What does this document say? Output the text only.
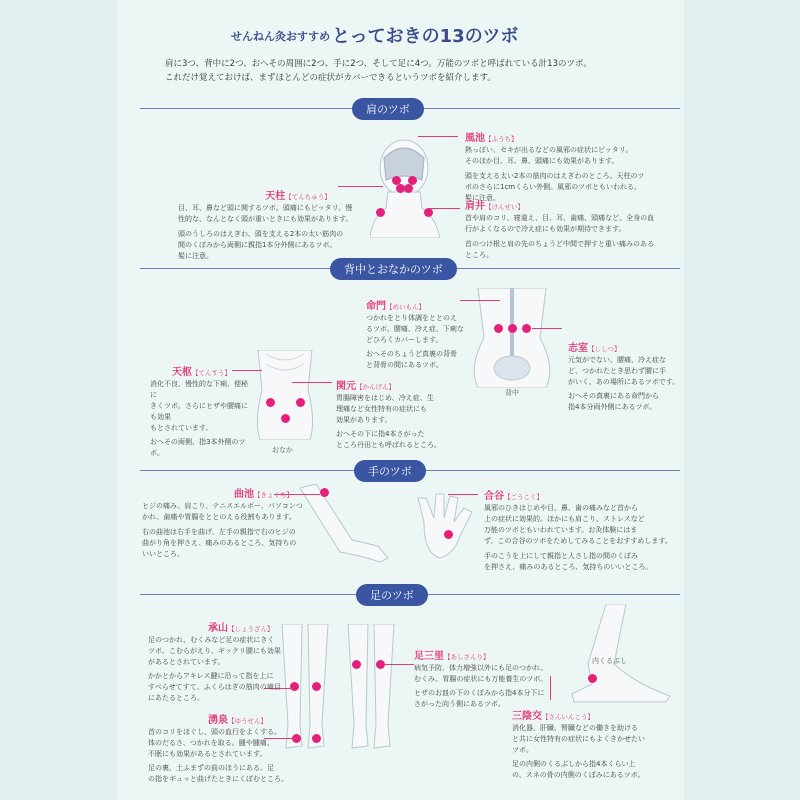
せんねん灸おすすめ とっておきの13のツボ
肩に3つ、背中に2つ、おへその周囲に2つ、手に2つ、そして足に4つ。万能のツボと呼ばれている計13のツボ。
これだけ覚えておけば、まずほとんどの症状がカバーできるというツボを紹介します。
肩のツボ
風池【ふうち】
熱っぽい、セキが出るなどの風邪の症状にピッタリ。
そのほか目、耳、鼻、頭痛にも効果があります。
頭を支える太い2本の筋肉のはえぎわのところ。天柱のツ
ボのさらに1cmくらい外側。風邪のツボともいわれる。
髪に注意。
天柱【てんちゅう】
目、耳、鼻など頭に関するツボ。頭痛にもピッタリ。慢
性的な、なんとなく頭が重いときにも効果があります。
頭のうしろのはえぎわ、頭を支える2本の太い筋肉の
間のくぼみから両側に親指1本分外側にあるツボ。
髪に注意。
肩井【けんせい】
首や肩のコリ、寝違え、目、耳、歯痛、頭痛など。全身の血
行がよくなるので冷え症にも効果が期待できます。
首のつけ根と肩の先のちょうど中間で押すと重い痛みのある
ところ。
背中とおなかのツボ
背中
命門【めいもん】
つかれをとり体調をととのえ
るツボ。腰痛、冷え症、下痢な
どひろくカバーします。
おへそのちょうど真裏の背骨
と背骨の間にあるツボ。
志室【ししつ】
元気がでない、腰痛、冷え症な
ど、つかれたとき思わず腰に手
がいく、あの場所にあるツボです。
おへその真裏にある命門から
指4本分両外側にあるツボ。
おなか
天枢【てんすう】
消化不良、慢性的な下痢、便秘に
きくツボ。さらにヒザや腰痛にも効果
もとされています。
おへその両側、指3本外側のツボ。
関元【かんげん】
胃腸障害をはじめ、冷え症、生
理痛など女性特有の症状にも
効果があります。
おへその下に指4本さがった
ところ丹田とも呼ばれるところ。
手のツボ
曲池【きょくち】
ヒジの痛み、肩こり、テニスエルボー、パソコンつ
かれ、歯痛や胃腸をととのえる役割もあります。
右の曲池は右手を曲げ、左手の親指で右のヒジの
曲がり角を押さえ、痛みのあるところ、気持ちの
いいところ。
合谷【ごうこく】
風邪のひきはじめや目、鼻、歯の痛みなど首から
上の症状に効果的。ほかにも肩こり、ストレスなど
万能のツボともいわれています。お灸体験にはま
ず、この合谷のツボをためしてみることをおすすめします。
手のこうを上にして親指と人さし指の間のくぼみ
を押さえ、痛みのあるところ、気持ちのいいところ。
足のツボ
承山【しょうざん】
足のつかれ、むくみなど足の症状にきく
ツボ。こむらがえり、ギックリ腰にも効果
があるとされています。
かかとからアキレス腱に沿って指を上に
すべらせてすて、ふくらはぎの筋肉の境目
にあたるところ。
湧泉【ゆうせん】
首のコリをほぐし、頭の血行をよくする。
体のだるさ、つかれを取る。腫や腫痛、
不眠にも効果があるとされています。
足の裏、土ふまずの前のほうにある。足
の指をギュッと曲げたときにくぼむところ。
足三里【あしさんり】
病気予防、体力増強以外にも足のつかれ、
むくみ、胃腸の症状にも万能養生のツボ。
ヒザのお皿の下のくぼみから指4本分下に
さがった向う側にあるツボ。
内くるぶし
三陰交【さんいんこう】
消化器、肝臓、腎臓などの働きを助ける
と共に女性特有の症状にもよくきかせたい
ツボ。
足の内側のくるぶしから指4本くらい上
の、スネの骨の内側のくぼみにあるツボ。
